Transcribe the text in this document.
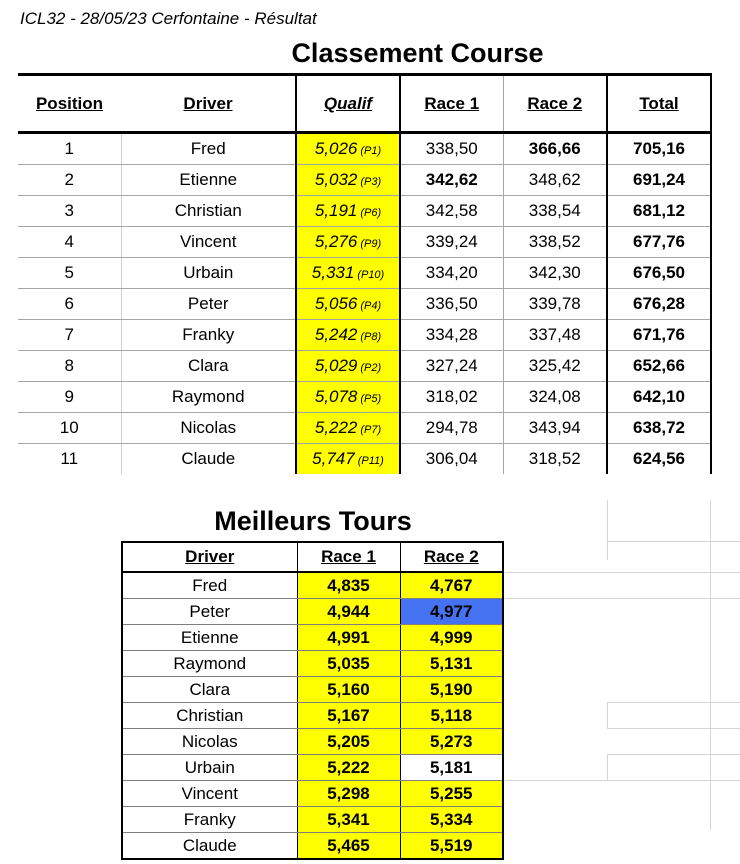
ICL32 - 28/05/23 Cerfontaine - Résultat
Classement Course
Position	Driver	Qualif	Race 1	Race 2	Total
1	Fred	5,026 (P1)	338,50	366,66	705,16
2	Etienne	5,032 (P3)	342,62	348,62	691,24
3	Christian	5,191 (P6)	342,58	338,54	681,12
4	Vincent	5,276 (P9)	339,24	338,52	677,76
5	Urbain	5,331 (P10)	334,20	342,30	676,50
6	Peter	5,056 (P4)	336,50	339,78	676,28
7	Franky	5,242 (P8)	334,28	337,48	671,76
8	Clara	5,029 (P2)	327,24	325,42	652,66
9	Raymond	5,078 (P5)	318,02	324,08	642,10
10	Nicolas	5,222 (P7)	294,78	343,94	638,72
11	Claude	5,747 (P11)	306,04	318,52	624,56
Meilleurs Tours
Driver	Race 1	Race 2
Fred	4,835	4,767
Peter	4,944	4,977
Etienne	4,991	4,999
Raymond	5,035	5,131
Clara	5,160	5,190
Christian	5,167	5,118
Nicolas	5,205	5,273
Urbain	5,222	5,181
Vincent	5,298	5,255
Franky	5,341	5,334
Claude	5,465	5,519
